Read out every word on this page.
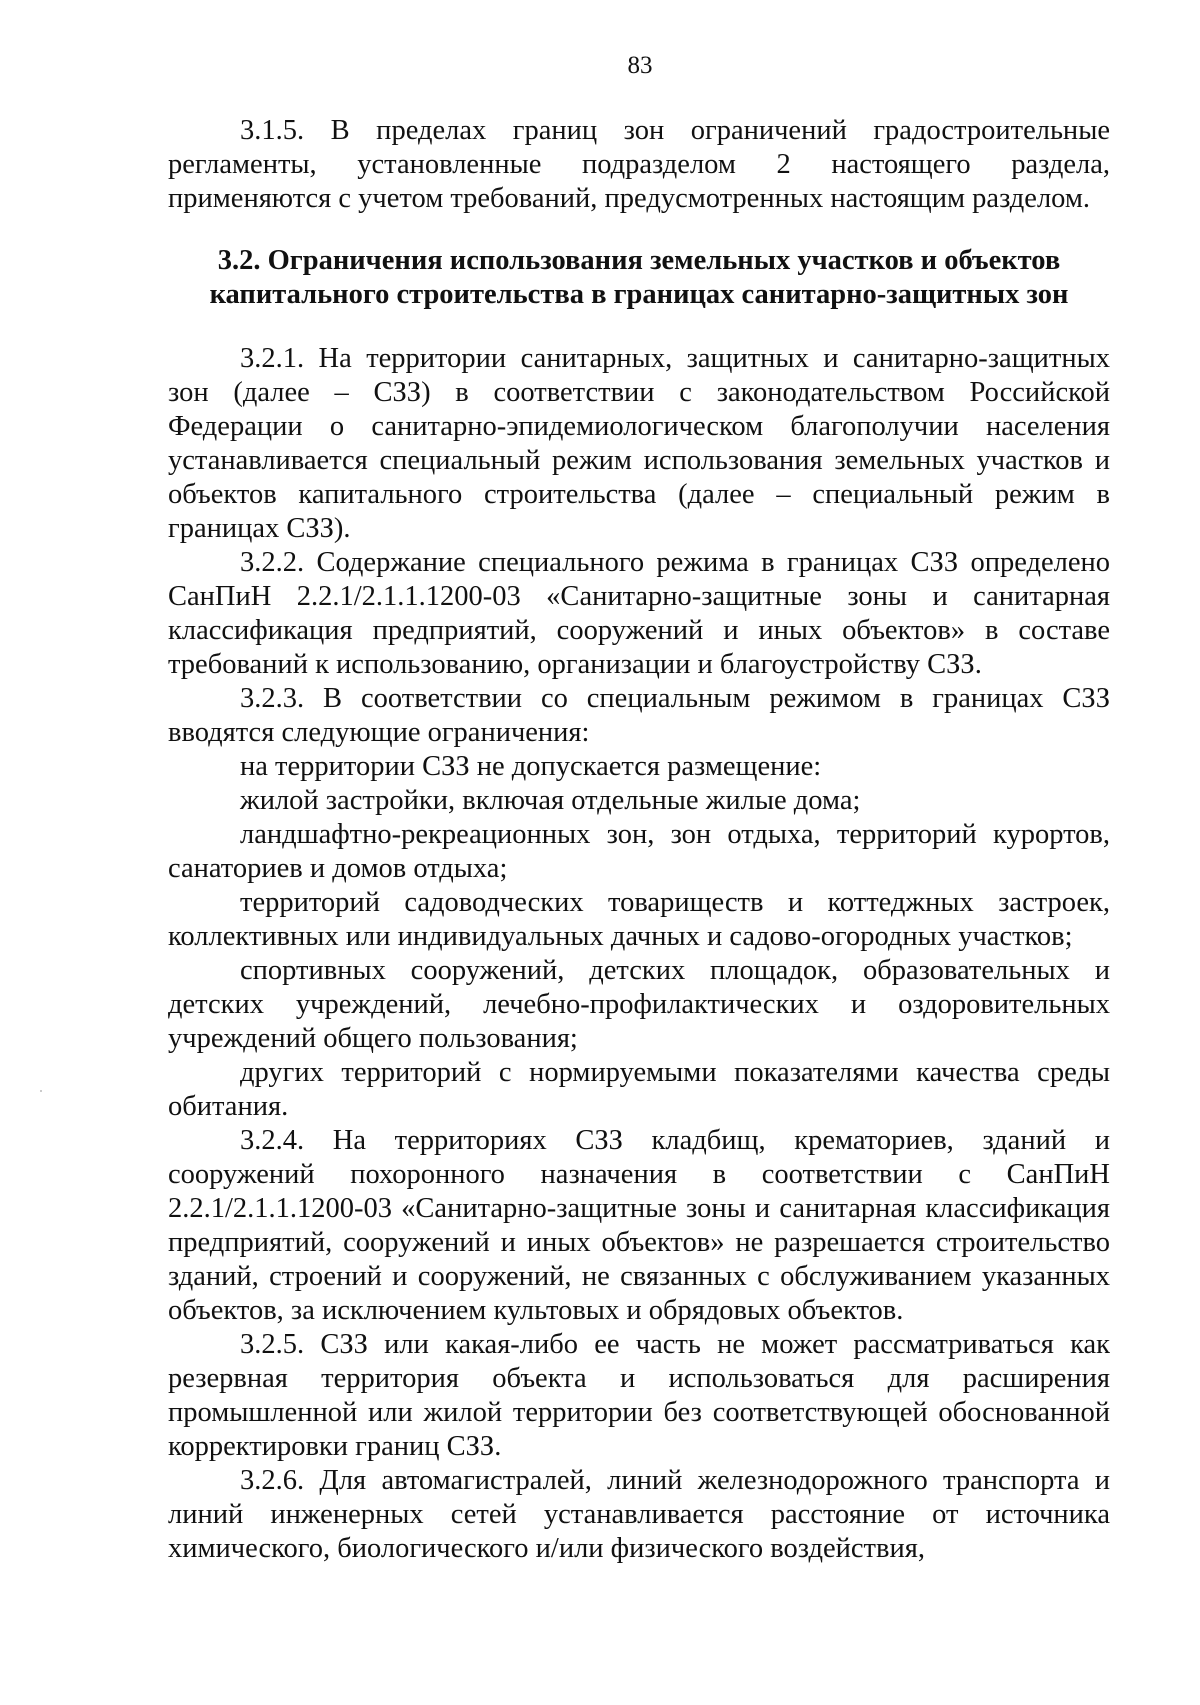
83

3.1.5. В пределах границ зон ограничений градостроительные регламенты, установленные подразделом 2 настоящего раздела, применяются с учетом требований, предусмотренных настоящим разделом.

3.2. Ограничения использования земельных участков и объектов капитального строительства в границах санитарно-защитных зон

3.2.1. На территории санитарных, защитных и санитарно-защитных зон (далее – СЗЗ) в соответствии с законодательством Российской Федерации о санитарно-эпидемиологическом благополучии населения устанавливается специальный режим использования земельных участков и объектов капитального строительства (далее – специальный режим в границах СЗЗ).

3.2.2. Содержание специального режима в границах СЗЗ определено СанПиН 2.2.1/2.1.1.1200-03 «Санитарно-защитные зоны и санитарная классификация предприятий, сооружений и иных объектов» в составе требований к использованию, организации и благоустройству СЗЗ.

3.2.3. В соответствии со специальным режимом в границах СЗЗ вводятся следующие ограничения:

на территории СЗЗ не допускается размещение:

жилой застройки, включая отдельные жилые дома;

ландшафтно-рекреационных зон, зон отдыха, территорий курортов, санаториев и домов отдыха;

территорий садоводческих товариществ и коттеджных застроек, коллективных или индивидуальных дачных и садово-огородных участков;

спортивных сооружений, детских площадок, образовательных и детских учреждений, лечебно-профилактических и оздоровительных учреждений общего пользования;

других территорий с нормируемыми показателями качества среды обитания.

3.2.4. На территориях СЗЗ кладбищ, крематориев, зданий и сооружений похоронного назначения в соответствии с СанПиН 2.2.1/2.1.1.1200-03 «Санитарно-защитные зоны и санитарная классификация предприятий, сооружений и иных объектов» не разрешается строительство зданий, строений и сооружений, не связанных с обслуживанием указанных объектов, за исключением культовых и обрядовых объектов.

3.2.5. СЗЗ или какая-либо ее часть не может рассматриваться как резервная территория объекта и использоваться для расширения промышленной или жилой территории без соответствующей обоснованной корректировки границ СЗЗ.

3.2.6. Для автомагистралей, линий железнодорожного транспорта и линий инженерных сетей устанавливается расстояние от источника химического, биологического и/или физического воздействия,
